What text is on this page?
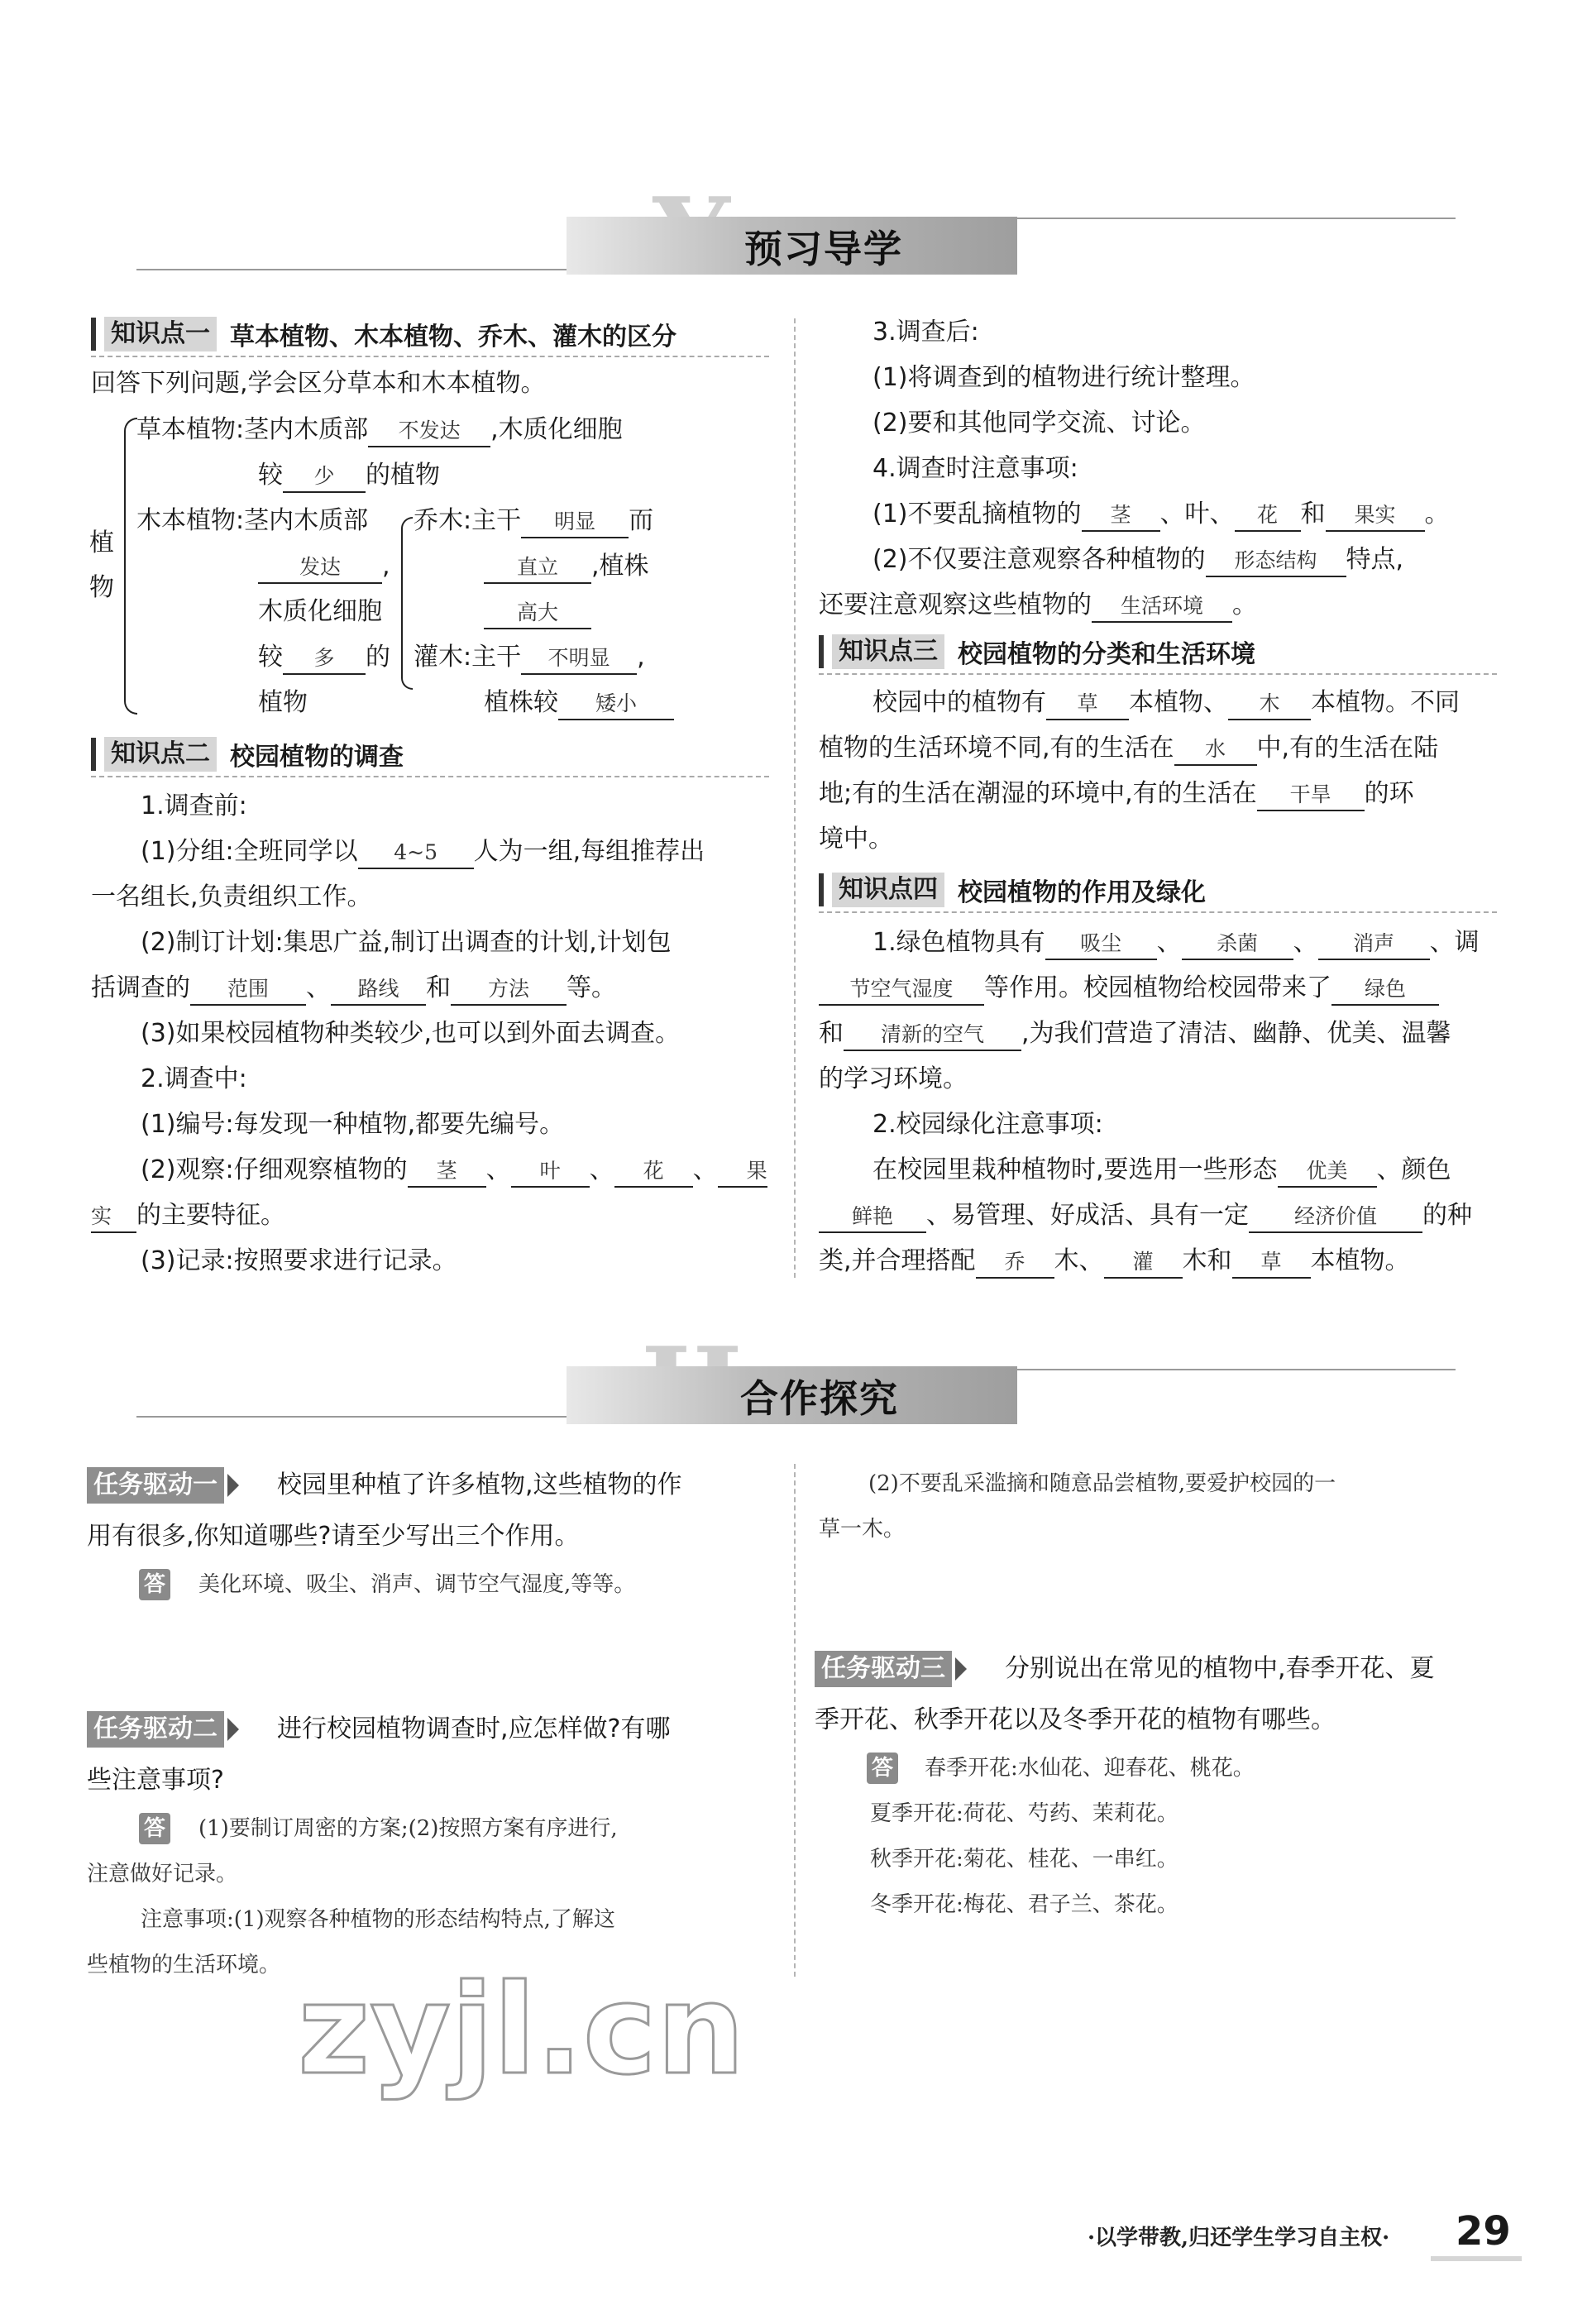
预习导学
知识点一 草本植物、木本植物、乔木、灌木的区分
回答下列问题,学会区分草本和木本植物。
植物
草本植物:茎内木质部 不发达 ,木质化细胞
较 少 的植物
木本植物:茎内木质部
发达 ,
木质化细胞
较 多 的
植物
乔木:主干 明显 而
直立 ,植株
高大
灌木:主干 不明显 ,
植株较 矮小
知识点二 校园植物的调查
1.调查前:
(1)分组:全班同学以 4~5 人为一组,每组推荐出
一名组长,负责组织工作。
(2)制订计划:集思广益,制订出调查的计划,计划包
括调查的 范围 、 路线 和 方法 等。
(3)如果校园植物种类较少,也可以到外面去调查。
2.调查中:
(1)编号:每发现一种植物,都要先编号。
(2)观察:仔细观察植物的 茎 、 叶 、 花 、 果
实 的主要特征。
(3)记录:按照要求进行记录。
3.调查后:
(1)将调查到的植物进行统计整理。
(2)要和其他同学交流、讨论。
4.调查时注意事项:
(1)不要乱摘植物的 茎 、叶、 花 和 果实 。
(2)不仅要注意观察各种植物的 形态结构 特点,
还要注意观察这些植物的 生活环境 。
知识点三 校园植物的分类和生活环境
校园中的植物有 草 本植物、 木 本植物。不同
植物的生活环境不同,有的生活在 水 中,有的生活在陆
地;有的生活在潮湿的环境中,有的生活在 干旱 的环
境中。
知识点四 校园植物的作用及绿化
1.绿色植物具有 吸尘 、 杀菌 、 消声 、调
节空气湿度 等作用。校园植物给校园带来了 绿色
和 清新的空气 ,为我们营造了清洁、幽静、优美、温馨
的学习环境。
2.校园绿化注意事项:
在校园里栽种植物时,要选用一些形态 优美 、颜色
鲜艳 、易管理、好成活、具有一定 经济价值 的种
类,并合理搭配 乔 木、 灌 木和 草 本植物。
合作探究
任务驱动一 校园里种植了许多植物,这些植物的作
用有很多,你知道哪些?请至少写出三个作用。
答 美化环境、吸尘、消声、调节空气湿度,等等。
任务驱动二 进行校园植物调查时,应怎样做?有哪
些注意事项?
答 (1)要制订周密的方案;(2)按照方案有序进行,
注意做好记录。
注意事项:(1)观察各种植物的形态结构特点,了解这
些植物的生活环境。
(2)不要乱采滥摘和随意品尝植物,要爱护校园的一
草一木。
任务驱动三 分别说出在常见的植物中,春季开花、夏
季开花、秋季开花以及冬季开花的植物有哪些。
答 春季开花:水仙花、迎春花、桃花。
夏季开花:荷花、芍药、茉莉花。
秋季开花:菊花、桂花、一串红。
冬季开花:梅花、君子兰、茶花。
zyjl.cn
·以学带教,归还学生学习自主权· 29
